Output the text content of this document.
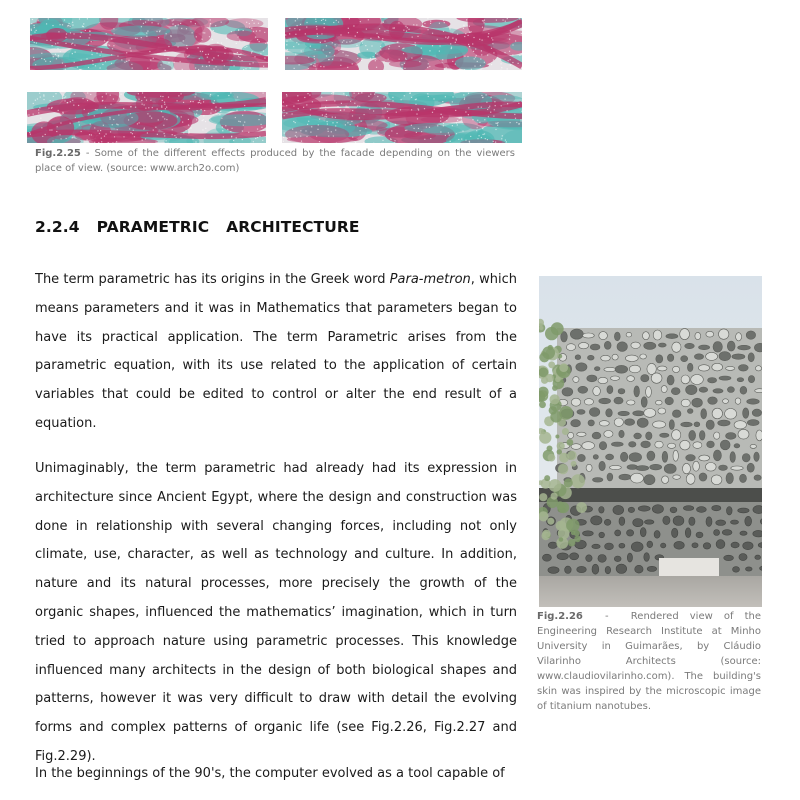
Fig.2.25 - Some of the different effects produced by the facade depending on the viewers place of view. (source: www.arch2o.com)
2.2.4 PARAMETRIC  ARCHITECTURE

The term parametric has its origins in the Greek word Para-metron, which means parameters and it was in Mathematics that parameters began to have its practical application. The term Parametric arises from the parametric equation, with its use related to the application of certain variables that could be edited to control or alter the end result of a equation.

Unimaginably, the term parametric had already had its expression in architecture since Ancient Egypt, where the design and construction was done in relationship with several changing forces, including not only climate, use, character, as well as technology and culture. In addition, nature and its natural processes, more precisely the growth of the organic shapes, influenced the mathematics’ imagination, which in turn tried to approach nature using parametric processes. This knowledge influenced many architects in the design of both biological shapes and patterns, however it was very difficult to draw with detail the evolving forms and complex patterns of organic life (see Fig.2.26, Fig.2.27 and Fig.2.29).

In the beginnings of the 90's, the computer evolved as a tool capable of

Fig.2.26  -  Rendered view of the Engineering Research Institute at Minho University in Guimarães, by Cláudio Vilarinho Architects (source: www.claudiovilarinho.com). The building's skin was inspired by the microscopic image of titanium nanotubes.
